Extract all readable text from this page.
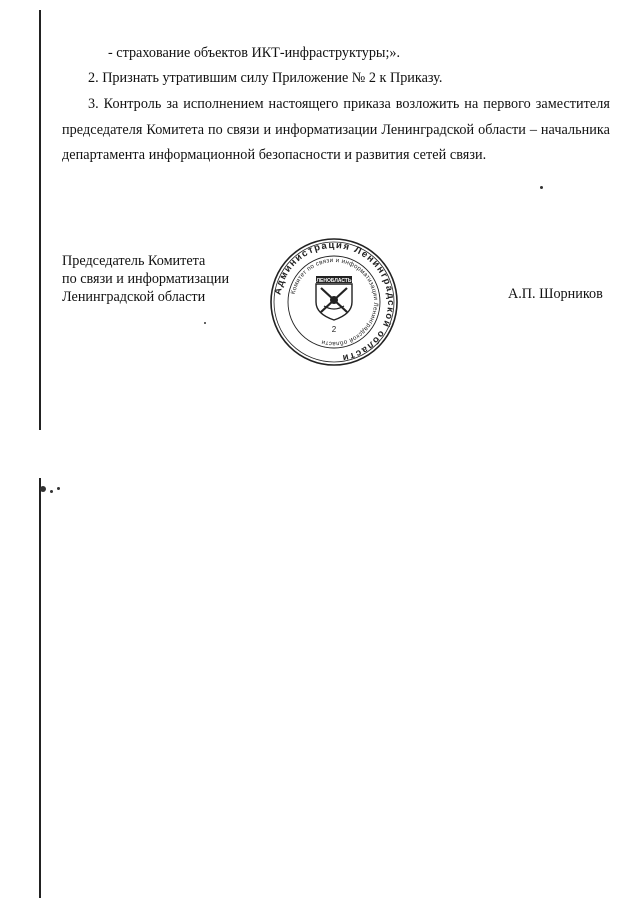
- страхование объектов ИКТ-инфраструктуры;».
2. Признать утратившим силу Приложение № 2 к Приказу.
3. Контроль за исполнением настоящего приказа возложить на первого заместителя председателя Комитета по связи и информатизации Ленинградской области – начальника департамента информационной безопасности и развития сетей связи.
Председатель Комитета
по связи и информатизации
Ленинградской области	А.П. Шорников
Администрация Ленинградской области
Комитет по связи и информатизации Ленинградской области
ЛЕНОБЛАСТЬ
2
